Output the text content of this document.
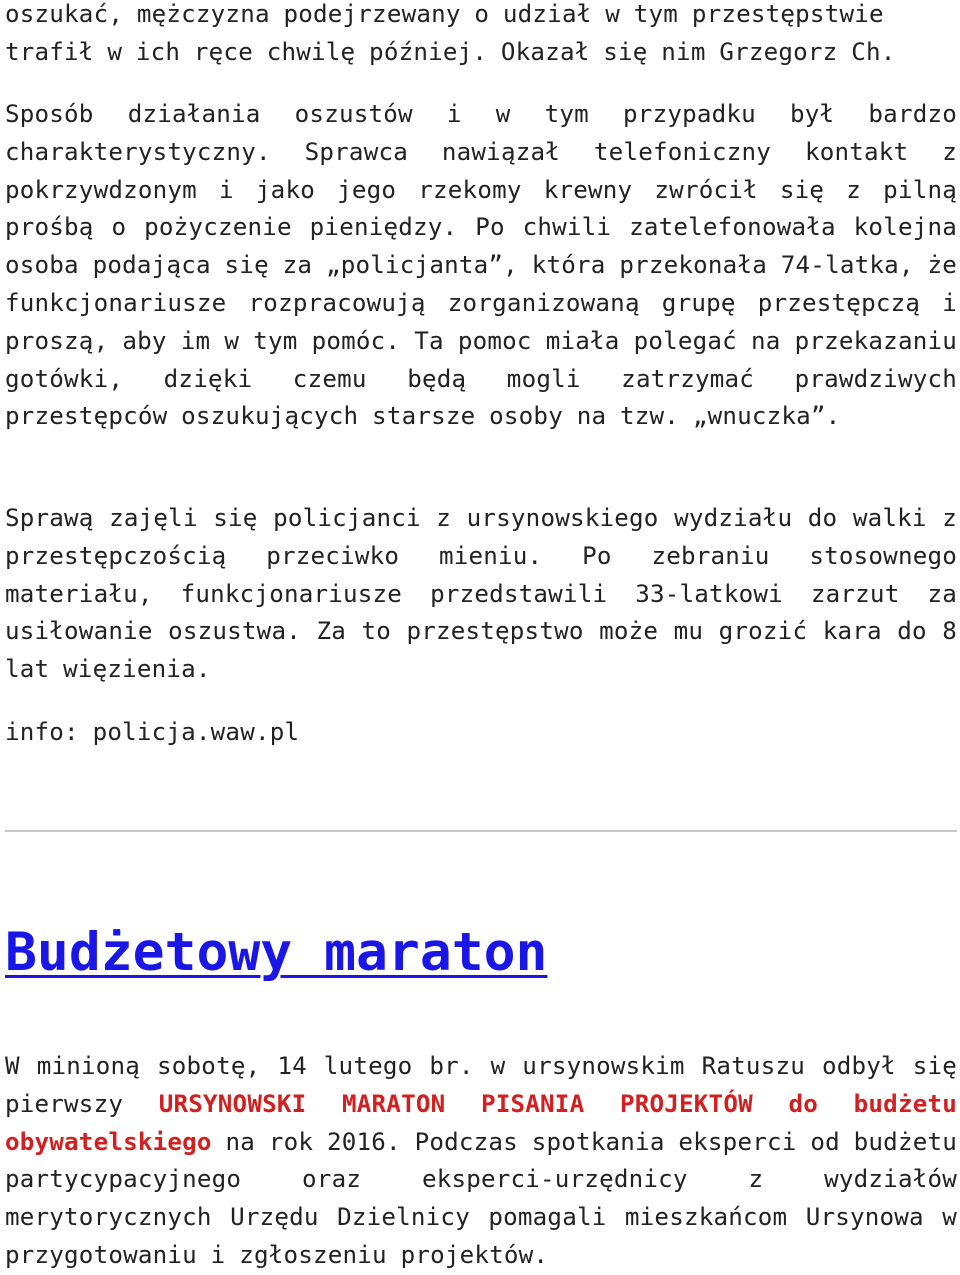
oszukać, mężczyzna podejrzewany o udział w tym przestępstwie trafił w ich ręce chwilę później. Okazał się nim Grzegorz Ch.

Sposób działania oszustów i w tym przypadku był bardzo charakterystyczny. Sprawca nawiązał telefoniczny kontakt z pokrzywdzonym i jako jego rzekomy krewny zwrócił się z pilną prośbą o pożyczenie pieniędzy. Po chwili zatelefonowała kolejna osoba podająca się za „policjanta”, która przekonała 74-latka, że funkcjonariusze rozpracowują zorganizowaną grupę przestępczą i proszą, aby im w tym pomóc. Ta pomoc miała polegać na przekazaniu gotówki, dzięki czemu będą mogli zatrzymać prawdziwych przestępców oszukujących starsze osoby na tzw. „wnuczka”.

Sprawą zajęli się policjanci z ursynowskiego wydziału do walki z przestępczością przeciwko mieniu. Po zebraniu stosownego materiału, funkcjonariusze przedstawili 33-latkowi zarzut za usiłowanie oszustwa. Za to przestępstwo może mu grozić kara do 8 lat więzienia.

info: policja.waw.pl

Budżetowy maraton

W minioną sobotę, 14 lutego br. w ursynowskim Ratuszu odbył się pierwszy URSYNOWSKI MARATON PISANIA PROJEKTÓW do budżetu obywatelskiego na rok 2016. Podczas spotkania eksperci od budżetu partycypacyjnego oraz eksperci-urzędnicy z wydziałów merytorycznych Urzędu Dzielnicy pomagali mieszkańcom Ursynowa w przygotowaniu i zgłoszeniu projektów.
